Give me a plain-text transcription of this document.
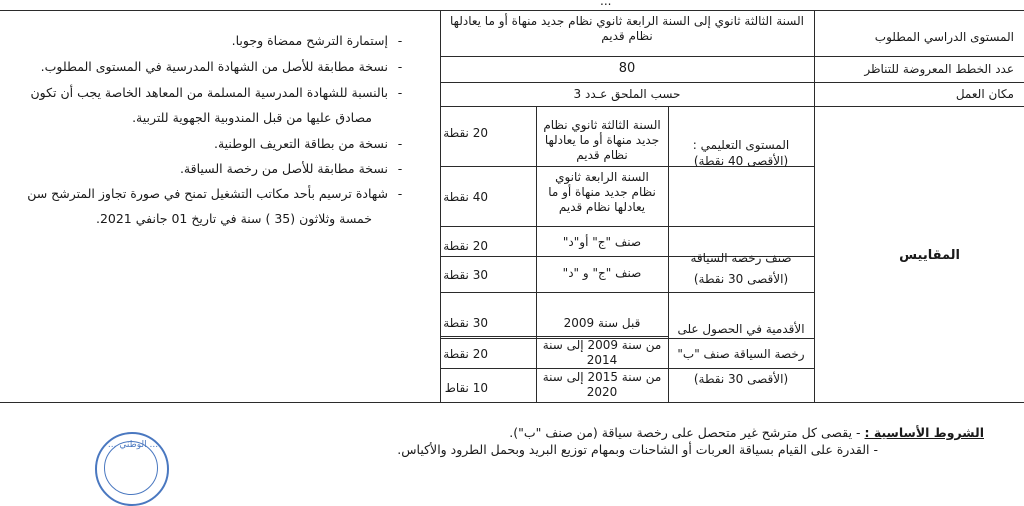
...
المستوى الدراسي المطلوب
السنة الثالثة ثانوي إلى السنة الرابعة ثانوي نظام جديد منهاة أو ما يعادلها نظام قديم
عدد الخطط المعروضة للتناظر
80
مكان العمل
حسب الملحق عـدد 3
المقاييس
المستوى التعليمي :
(الأقصى 40 نقطة)
السنة الثالثة ثانوي نظام جديد منهاة أو ما يعادلها نظام قديم
20 نقطة
السنة الرابعة ثانوي نظام جديد منهاة أو ما يعادلها نظام قديم
40 نقطة
صنف رخصة السياقة
(الأقصى 30 نقطة)
صنف "ج" أو"د"
20 نقطة
صنف "ج" و "د"
30 نقطة
الأقدمية في الحصول على
رخصة السياقة صنف "ب"
(الأقصى 30 نقطة)
قبل سنة 2009
30 نقطة
من سنة 2009 إلى سنة 2014
20 نقطة
من سنة 2015 إلى سنة 2020
10 نقاط
-إستمارة الترشح ممضاة وجوبا.
-نسخة مطابقة للأصل من الشهادة المدرسية في المستوى المطلوب.
-بالنسبة للشهادة المدرسية المسلمة من المعاهد الخاصة يجب أن تكون
مصادق عليها من قبل المندوبية الجهوية للتربية.
-نسخة من بطاقة التعريف الوطنية.
-نسخة مطابقة للأصل من رخصة السياقة.
-شهادة ترسيم بأحد مكاتب التشغيل تمنح في صورة تجاوز المترشح سن
خمسة وثلاثون (35 ) سنة في تاريخ 01 جانفي 2021.
الشروط الأساسية : - يقصى كل مترشح غير متحصل على رخصة سياقة (من صنف "ب").
- القدرة على القيام بسياقة العربات أو الشاحنات وبمهام توزيع البريد وبحمل الطرود والأكياس.
... الوطني ...
